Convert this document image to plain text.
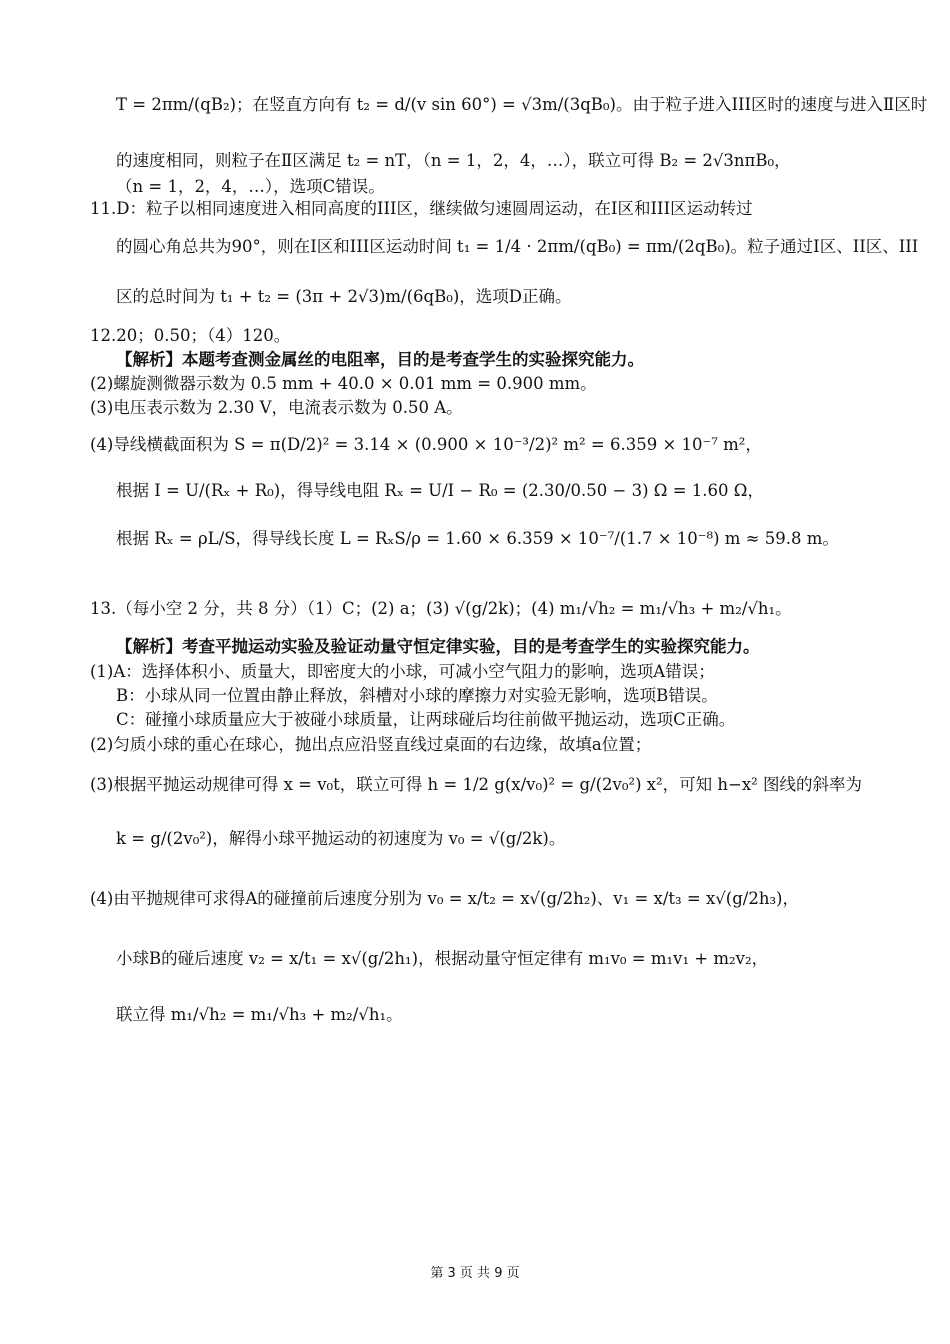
T = 2πm/(qB₂)；在竖直方向有 t₂ = d/(v sin 60°) = √3m/(3qB₀)。由于粒子进入III区时的速度与进入Ⅱ区时
的速度相同，则粒子在Ⅱ区满足 t₂ = nT，（n = 1，2，4，…），联立可得 B₂ = 2√3nπB₀，
（n = 1，2，4，…），选项C错误。
11.D：粒子以相同速度进入相同高度的III区，继续做匀速圆周运动，在I区和III区运动转过
的圆心角总共为90°，则在I区和III区运动时间 t₁ = 1/4 · 2πm/(qB₀) = πm/(2qB₀)。粒子通过I区、II区、III
区的总时间为 t₁ + t₂ = (3π + 2√3)m/(6qB₀)，选项D正确。
12.20；0.50；（4）120。
【解析】本题考查测金属丝的电阻率，目的是考查学生的实验探究能力。
(2)螺旋测微器示数为 0.5 mm + 40.0 × 0.01 mm = 0.900 mm。
(3)电压表示数为 2.30 V，电流表示数为 0.50 A。
(4)导线横截面积为 S = π(D/2)² = 3.14 × (0.900 × 10⁻³/2)² m² = 6.359 × 10⁻⁷ m²，
根据 I = U/(Rₓ + R₀)，得导线电阻 Rₓ = U/I − R₀ = (2.30/0.50 − 3) Ω = 1.60 Ω，
根据 Rₓ = ρL/S，得导线长度 L = RₓS/ρ = 1.60 × 6.359 × 10⁻⁷/(1.7 × 10⁻⁸) m ≈ 59.8 m。
13.（每小空 2 分，共 8 分）（1）C；(2) a；(3) √(g/2k)；(4) m₁/√h₂ = m₁/√h₃ + m₂/√h₁。
【解析】考查平抛运动实验及验证动量守恒定律实验，目的是考查学生的实验探究能力。
(1)A：选择体积小、质量大，即密度大的小球，可减小空气阻力的影响，选项A错误；
B：小球从同一位置由静止释放，斜槽对小球的摩擦力对实验无影响，选项B错误。
C：碰撞小球质量应大于被碰小球质量，让两球碰后均往前做平抛运动，选项C正确。
(2)匀质小球的重心在球心，抛出点应沿竖直线过桌面的右边缘，故填a位置；
(3)根据平抛运动规律可得 x = v₀t，联立可得 h = 1/2 g(x/v₀)² = g/(2v₀²) x²，可知 h−x² 图线的斜率为
k = g/(2v₀²)，解得小球平抛运动的初速度为 v₀ = √(g/2k)。
(4)由平抛规律可求得A的碰撞前后速度分别为 v₀ = x/t₂ = x√(g/2h₂)、v₁ = x/t₃ = x√(g/2h₃)，
小球B的碰后速度 v₂ = x/t₁ = x√(g/2h₁)，根据动量守恒定律有 m₁v₀ = m₁v₁ + m₂v₂，
联立得 m₁/√h₂ = m₁/√h₃ + m₂/√h₁。
第 3 页 共 9 页
